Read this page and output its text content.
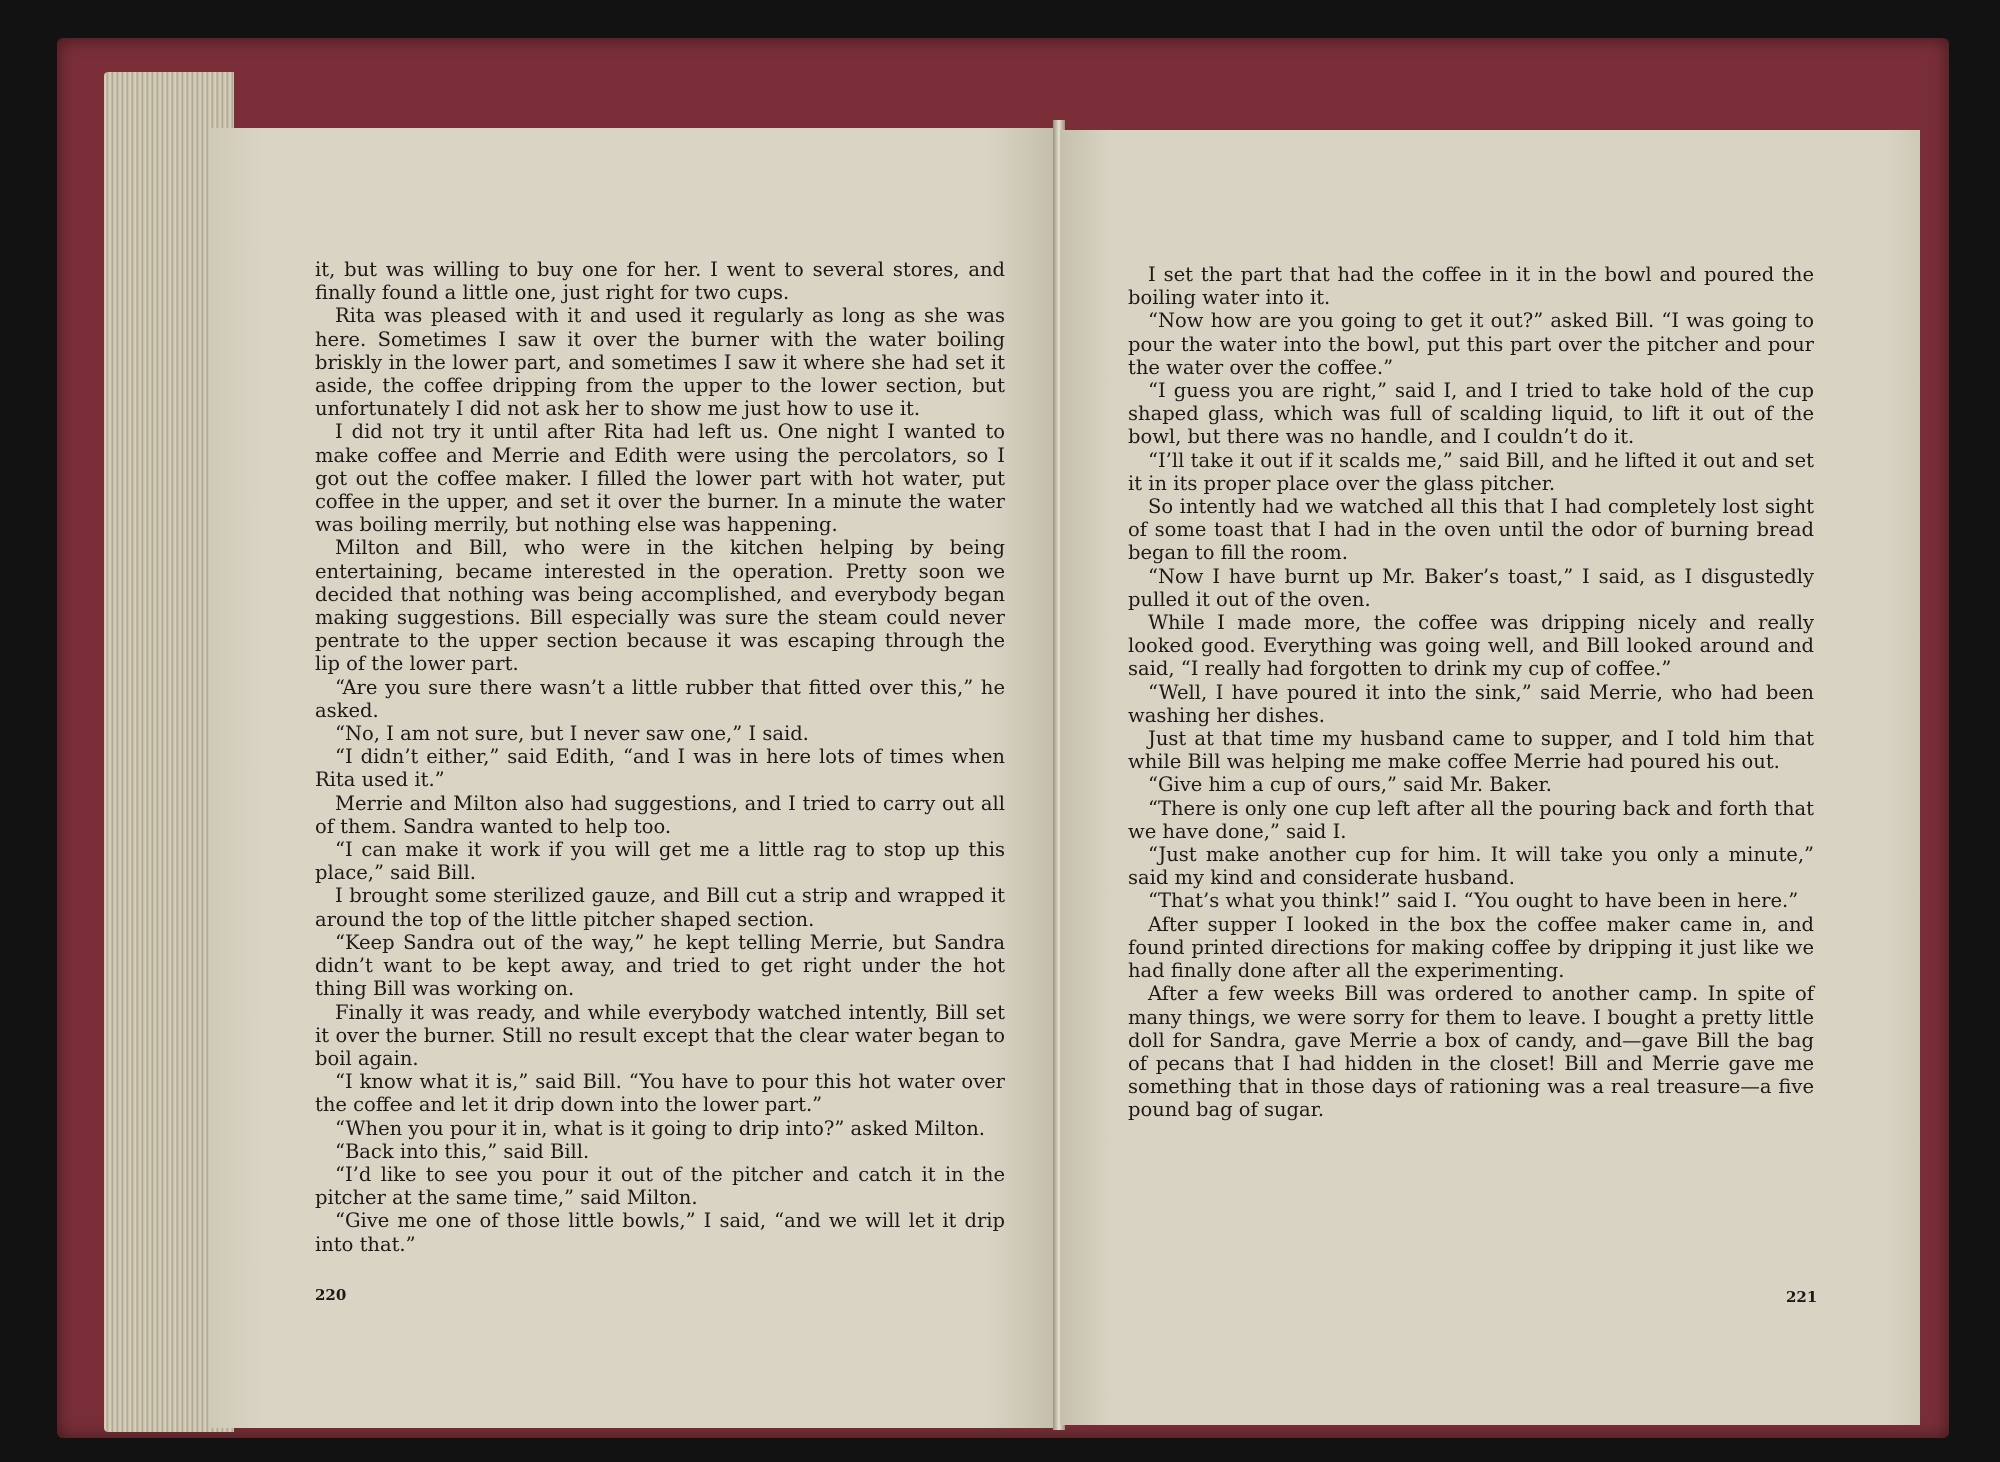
it, but was willing to buy one for her. I went to several stores, and finally found a little one, just right for two cups.

Rita was pleased with it and used it regularly as long as she was here. Sometimes I saw it over the burner with the water boiling briskly in the lower part, and sometimes I saw it where she had set it aside, the coffee dripping from the upper to the lower section, but unfortunately I did not ask her to show me just how to use it.

I did not try it until after Rita had left us. One night I wanted to make coffee and Merrie and Edith were using the percolators, so I got out the coffee maker. I filled the lower part with hot water, put coffee in the upper, and set it over the burner. In a minute the water was boiling merrily, but nothing else was happening.

Milton and Bill, who were in the kitchen helping by being entertaining, became interested in the operation. Pretty soon we decided that nothing was being accomplished, and everybody began making suggestions. Bill especially was sure the steam could never pentrate to the upper section because it was escaping through the lip of the lower part.

“Are you sure there wasn’t a little rubber that fitted over this,” he asked.

“No, I am not sure, but I never saw one,” I said.

“I didn’t either,” said Edith, “and I was in here lots of times when Rita used it.”

Merrie and Milton also had suggestions, and I tried to carry out all of them. Sandra wanted to help too.

“I can make it work if you will get me a little rag to stop up this place,” said Bill.

I brought some sterilized gauze, and Bill cut a strip and wrapped it around the top of the little pitcher shaped section.

“Keep Sandra out of the way,” he kept telling Merrie, but Sandra didn’t want to be kept away, and tried to get right under the hot thing Bill was working on.

Finally it was ready, and while everybody watched intently, Bill set it over the burner. Still no result except that the clear water began to boil again.

“I know what it is,” said Bill. “You have to pour this hot water over the coffee and let it drip down into the lower part.”

“When you pour it in, what is it going to drip into?” asked Milton.

“Back into this,” said Bill.

“I’d like to see you pour it out of the pitcher and catch it in the pitcher at the same time,” said Milton.

“Give me one of those little bowls,” I said, “and we will let it drip into that.”

220

I set the part that had the coffee in it in the bowl and poured the boiling water into it.

“Now how are you going to get it out?” asked Bill. “I was going to pour the water into the bowl, put this part over the pitcher and pour the water over the coffee.”

“I guess you are right,” said I, and I tried to take hold of the cup shaped glass, which was full of scalding liquid, to lift it out of the bowl, but there was no handle, and I couldn’t do it.

“I’ll take it out if it scalds me,” said Bill, and he lifted it out and set it in its proper place over the glass pitcher.

So intently had we watched all this that I had completely lost sight of some toast that I had in the oven until the odor of burning bread began to fill the room.

“Now I have burnt up Mr. Baker’s toast,” I said, as I disgustedly pulled it out of the oven.

While I made more, the coffee was dripping nicely and really looked good. Everything was going well, and Bill looked around and said, “I really had forgotten to drink my cup of coffee.”

“Well, I have poured it into the sink,” said Merrie, who had been washing her dishes.

Just at that time my husband came to supper, and I told him that while Bill was helping me make coffee Merrie had poured his out.

“Give him a cup of ours,” said Mr. Baker.

“There is only one cup left after all the pouring back and forth that we have done,” said I.

“Just make another cup for him. It will take you only a minute,” said my kind and considerate husband.

“That’s what you think!” said I. “You ought to have been in here.”

After supper I looked in the box the coffee maker came in, and found printed directions for making coffee by dripping it just like we had finally done after all the experimenting.

After a few weeks Bill was ordered to another camp. In spite of many things, we were sorry for them to leave. I bought a pretty little doll for Sandra, gave Merrie a box of candy, and—gave Bill the bag of pecans that I had hidden in the closet! Bill and Merrie gave me something that in those days of rationing was a real treasure—a five pound bag of sugar.

221
